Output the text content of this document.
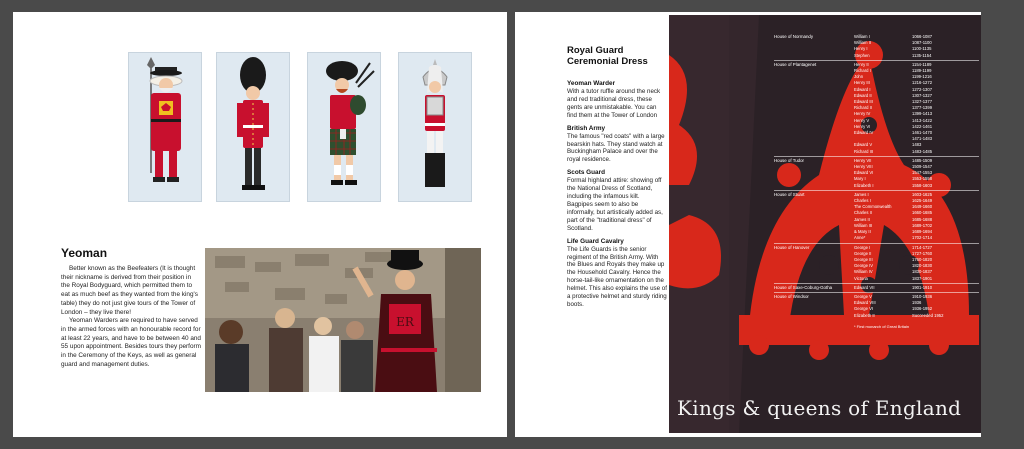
Yeoman

Better known as the Beefeaters (It is thought their nickname is derived from their position in the Royal Bodyguard, which permitted them to eat as much beef as they wanted from the king's table) they do not just give tours of the Tower of London – they live there!

Yeoman Warders are required to have served in the armed forces with an honourable record for at least 22 years, and have to be between 40 and 55 upon appointment. Besides tours they perform in the Ceremony of the Keys, as well as general guard and management duties.

ER
Royal Guard Ceremonial Dress
Yeoman Warder
With a tutor ruffle around the neck and red traditional dress, these gents are unmistakable. You can find them at the Tower of London
British Army
The famous "red coats" with a large bearskin hats. They stand watch at Buckingham Palace and over the royal residence.
Scots Guard
Formal highland attire: showing off the National Dress of Scotland, including the infamous kilt. Bagpipes seem to also be informally, but artistically added as, part of the "traditional dress" of Scotland.
Life Guard Cavalry
The Life Guards is the senior regiment of the British Army. With the Blues and Royals they make up the Household Cavalry. Hence the horse-tail-like ornamentation on the helmet. This also explains the use of a protective helmet and sturdy riding boots.
House of Normandy	William I	1066-1087
William II	1087-1100
Henry I	1100-1135
Stephen	1135-1154
House of Plantagenet	Henry II	1154-1189
Richard I	1189-1199
John	1199-1216
Henry III	1216-1272
Edward I	1272-1307
Edward II	1307-1327
Edward III	1327-1377
Richard II	1377-1399
Henry IV	1399-1413
Henry V	1413-1422
Henry VI	1422-1461
Edward IV	1461-1470
1471-1483
Edward V	1483
Richard III	1483-1485
House of Tudor	Henry VII	1485-1509
Henry VIII	1509-1547
Edward VI	1547-1553
Mary I	1553-1558
Elizabeth I	1558-1603
House of Stuart	James I	1603-1625
Charles I	1625-1649
The Commonwealth	1649-1660
Charles II	1660-1685
James II	1685-1688
William III	1689-1702
& Mary II	1689-1694
Anne*	1702-1714
House of Hanover	George I	1714-1727
George II	1727-1760
George III	1760-1820
George IV	1820-1830
William IV	1830-1837
Victoria	1837-1901
House of Saxe-Coburg-Gotha	Edward VII	1901-1910
House of Windsor	George V	1910-1936
Edward VIII	1936
George VI	1936-1952
Elizabeth II	Succeeded 1952
* First monarch of Great Britain
Kings & queens of England
